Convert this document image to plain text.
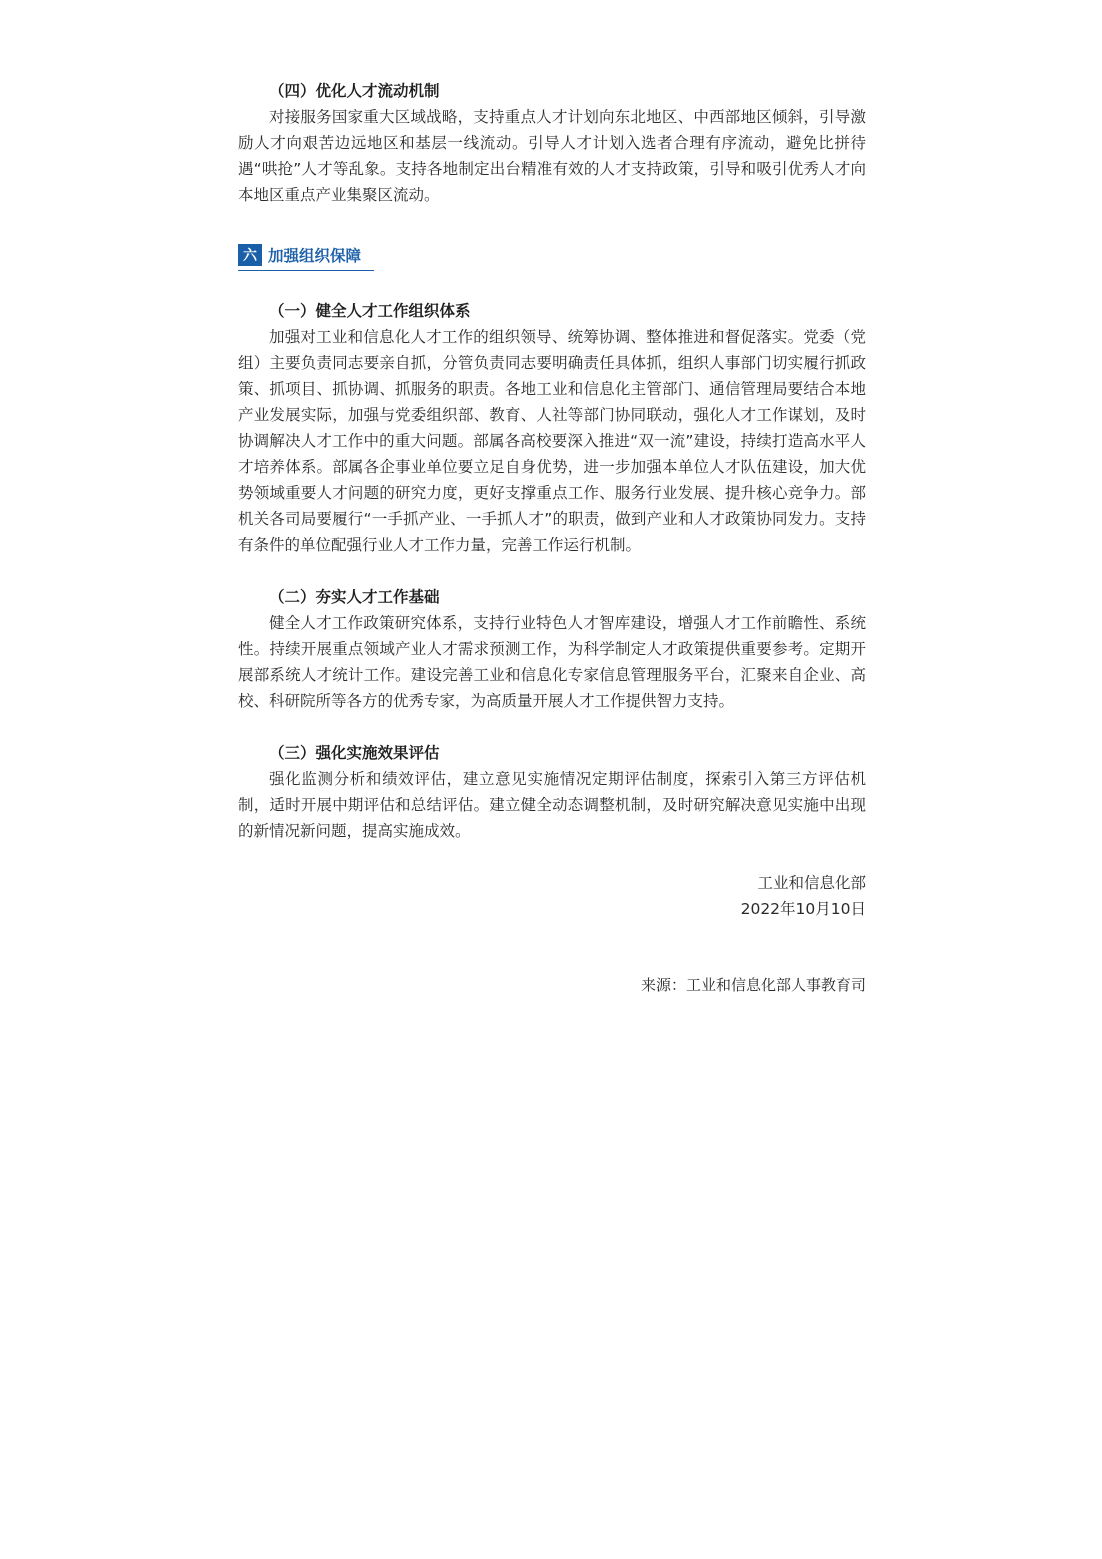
（四）优化人才流动机制

对接服务国家重大区域战略，支持重点人才计划向东北地区、中西部地区倾斜，引导激励人才向艰苦边远地区和基层一线流动。引导人才计划入选者合理有序流动，避免比拼待遇“哄抢”人才等乱象。支持各地制定出台精准有效的人才支持政策，引导和吸引优秀人才向本地区重点产业集聚区流动。

六 加强组织保障

（一）健全人才工作组织体系

加强对工业和信息化人才工作的组织领导、统筹协调、整体推进和督促落实。党委（党组）主要负责同志要亲自抓，分管负责同志要明确责任具体抓，组织人事部门切实履行抓政策、抓项目、抓协调、抓服务的职责。各地工业和信息化主管部门、通信管理局要结合本地产业发展实际，加强与党委组织部、教育、人社等部门协同联动，强化人才工作谋划，及时协调解决人才工作中的重大问题。部属各高校要深入推进“双一流”建设，持续打造高水平人才培养体系。部属各企事业单位要立足自身优势，进一步加强本单位人才队伍建设，加大优势领域重要人才问题的研究力度，更好支撑重点工作、服务行业发展、提升核心竞争力。部机关各司局要履行“一手抓产业、一手抓人才”的职责，做到产业和人才政策协同发力。支持有条件的单位配强行业人才工作力量，完善工作运行机制。

（二）夯实人才工作基础

健全人才工作政策研究体系，支持行业特色人才智库建设，增强人才工作前瞻性、系统性。持续开展重点领域产业人才需求预测工作，为科学制定人才政策提供重要参考。定期开展部系统人才统计工作。建设完善工业和信息化专家信息管理服务平台，汇聚来自企业、高校、科研院所等各方的优秀专家，为高质量开展人才工作提供智力支持。

（三）强化实施效果评估

强化监测分析和绩效评估，建立意见实施情况定期评估制度，探索引入第三方评估机制，适时开展中期评估和总结评估。建立健全动态调整机制，及时研究解决意见实施中出现的新情况新问题，提高实施成效。

工业和信息化部

2022年10月10日

来源：工业和信息化部人事教育司
